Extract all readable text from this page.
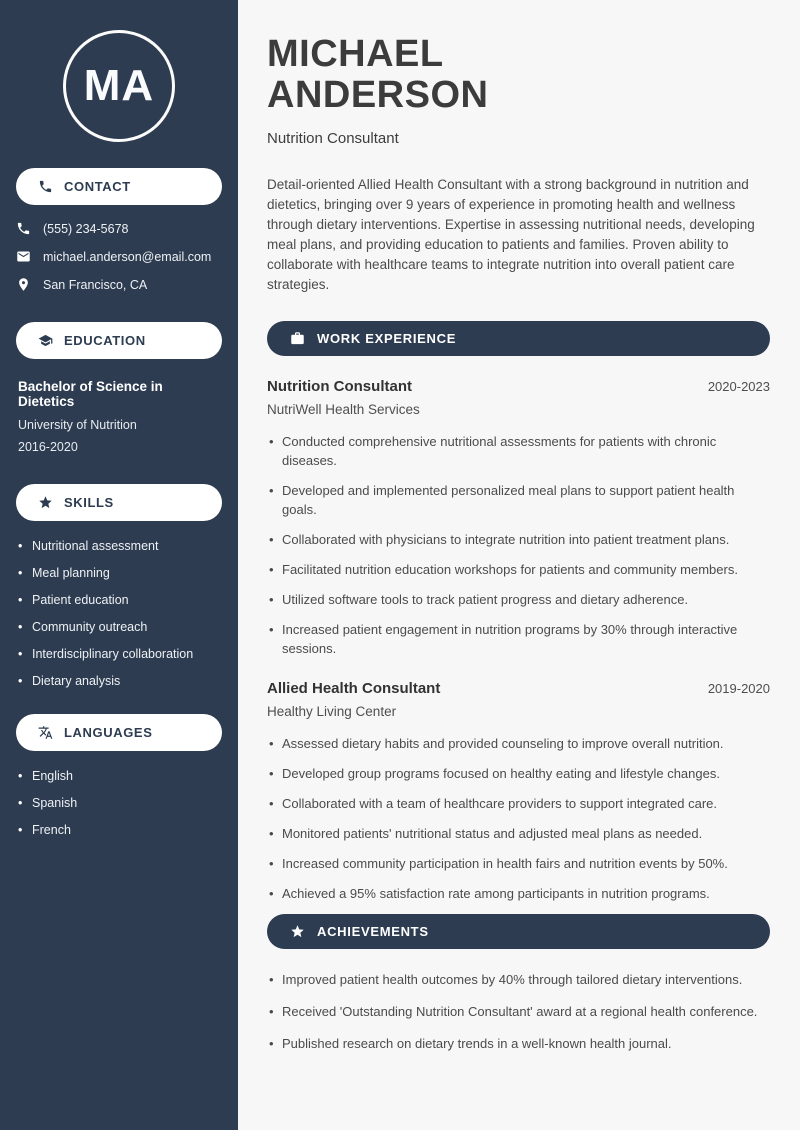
MA
CONTACT
(555) 234-5678
michael.anderson@email.com
San Francisco, CA
EDUCATION
Bachelor of Science in Dietetics
University of Nutrition
2016-2020
SKILLS
• Nutritional assessment
• Meal planning
• Patient education
• Community outreach
• Interdisciplinary collaboration
• Dietary analysis
LANGUAGES
• English
• Spanish
• French
MICHAEL
ANDERSON
Nutrition Consultant

Detail-oriented Allied Health Consultant with a strong background in nutrition and dietetics, bringing over 9 years of experience in promoting health and wellness through dietary interventions. Expertise in assessing nutritional needs, developing meal plans, and providing education to patients and families. Proven ability to collaborate with healthcare teams to integrate nutrition into overall patient care strategies.

WORK EXPERIENCE
Nutrition Consultant	2020-2023
NutriWell Health Services
• Conducted comprehensive nutritional assessments for patients with chronic diseases.
• Developed and implemented personalized meal plans to support patient health goals.
• Collaborated with physicians to integrate nutrition into patient treatment plans.
• Facilitated nutrition education workshops for patients and community members.
• Utilized software tools to track patient progress and dietary adherence.
• Increased patient engagement in nutrition programs by 30% through interactive sessions.
Allied Health Consultant	2019-2020
Healthy Living Center
• Assessed dietary habits and provided counseling to improve overall nutrition.
• Developed group programs focused on healthy eating and lifestyle changes.
• Collaborated with a team of healthcare providers to support integrated care.
• Monitored patients' nutritional status and adjusted meal plans as needed.
• Increased community participation in health fairs and nutrition events by 50%.
• Achieved a 95% satisfaction rate among participants in nutrition programs.
ACHIEVEMENTS
• Improved patient health outcomes by 40% through tailored dietary interventions.
• Received 'Outstanding Nutrition Consultant' award at a regional health conference.
• Published research on dietary trends in a well-known health journal.
